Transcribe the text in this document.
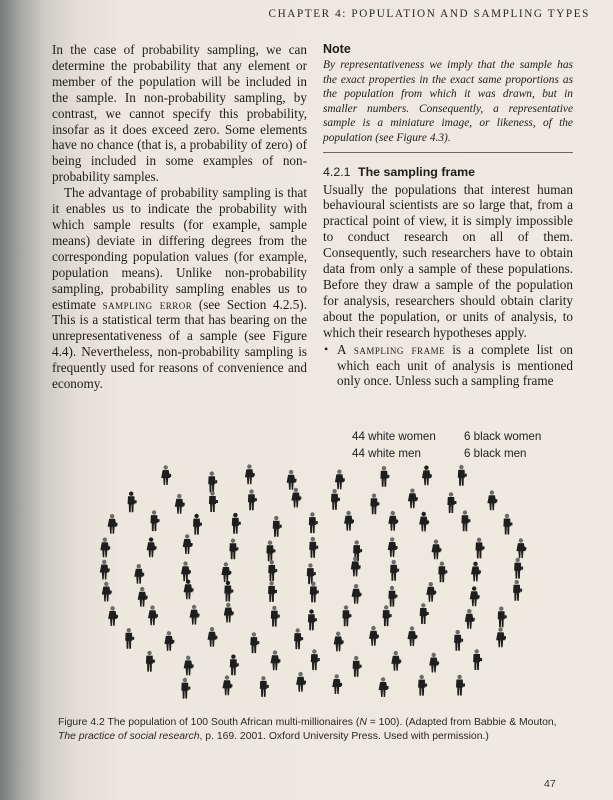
CHAPTER 4: POPULATION AND SAMPLING TYPES

In the case of probability sampling, we can determine the probability that any element or member of the population will be included in the sample. In non-probability sampling, by contrast, we cannot specify this probability, insofar as it does exceed zero. Some elements have no chance (that is, a probability of zero) of being included in some examples of non-probability samples.

The advantage of probability sampling is that it enables us to indicate the probability with which sample results (for example, sample means) deviate in differing degrees from the corresponding population values (for example, population means). Unlike non-probability sampling, probability sampling enables us to estimate sampling error (see Section 4.2.5). This is a statistical term that has bearing on the unrepresentativeness of a sample (see Figure 4.4). Nevertheless, non-probability sampling is frequently used for reasons of convenience and economy.

Note

By representativeness we imply that the sample has the exact properties in the exact same proportions as the population from which it was drawn, but in smaller numbers. Consequently, a representative sample is a miniature image, or likeness, of the population (see Figure 4.3).

4.2.1 The sampling frame

Usually the populations that interest human behavioural scientists are so large that, from a practical point of view, it is simply impossible to conduct research on all of them. Consequently, such researchers have to obtain data from only a sample of these populations. Before they draw a sample of the population for analysis, researchers should obtain clarity about the population, or units of analysis, to which their research hypotheses apply.

• A sampling frame is a complete list on which each unit of analysis is mentioned only once. Unless such a sampling frame
44 white women 6 black women
44 white men	6 black men
Figure 4.2 The population of 100 South African multi-millionaires (N = 100). (Adapted from Babbie & Mouton, The practice of social research, p. 169. 2001. Oxford University Press. Used with permission.)
47
